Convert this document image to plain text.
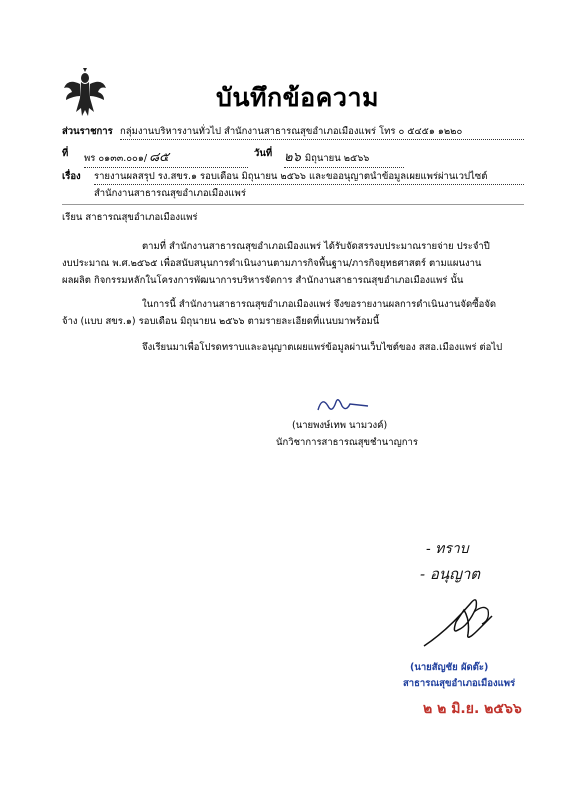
บันทึกข้อความ
ส่วนราชการ กลุ่มงานบริหารงานทั่วไป สำนักงานสาธารณสุขอำเภอเมืองแพร่ โทร ๐ ๕๔๕๑ ๑๒๒๐
ที่ พร ๐๑๓๓.๐๐๑/ ๘๕	วันที่ ๒๖ มิถุนายน ๒๕๖๖
เรื่อง รายงานผลสรุป รง.สขร.๑ รอบเดือน มิถุนายน ๒๕๖๖ และขออนุญาตนำข้อมูลเผยแพร่ผ่านเวปไซต์
สำนักงานสาธารณสุขอำเภอเมืองแพร่
เรียน สาธารณสุขอำเภอเมืองแพร่
ตามที่ สำนักงานสาธารณสุขอำเภอเมืองแพร่ ได้รับจัดสรรงบประมาณรายจ่าย ประจำปี
งบประมาณ พ.ศ.๒๕๖๕ เพื่อสนับสนุนการดำเนินงานตามภารกิจพื้นฐาน/ภารกิจยุทธศาสตร์ ตามแผนงาน
ผลผลิต กิจกรรมหลักในโครงการพัฒนาการบริหารจัดการ สำนักงานสาธารณสุขอำเภอเมืองแพร่ นั้น
ในการนี้ สำนักงานสาธารณสุขอำเภอเมืองแพร่ จึงขอรายงานผลการดำเนินงานจัดซื้อจัด
จ้าง (แบบ สขร.๑) รอบเดือน มิถุนายน ๒๕๖๖ ตามรายละเอียดที่แนบมาพร้อมนี้
จึงเรียนมาเพื่อโปรดทราบและอนุญาตเผยแพร่ข้อมูลผ่านเว็บไซต์ของ สสอ.เมืองแพร่ ต่อไป
(นายพงษ์เทพ นามวงค์)
นักวิชาการสาธารณสุขชำนาญการ
- ทราบ
- อนุญาต
(นายสัญชัย ผัดต๊ะ)
สาธารณสุขอำเภอเมืองแพร่
๒ ๒ มิ.ย. ๒๕๖๖
